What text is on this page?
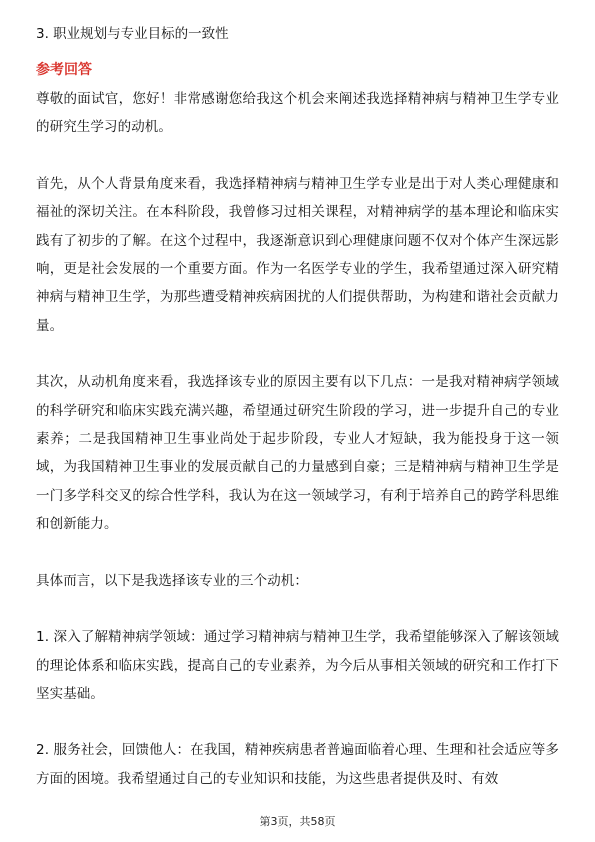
3. 职业规划与专业目标的一致性
参考回答

尊敬的面试官，您好！非常感谢您给我这个机会来阐述我选择精神病与精神卫生学专业的研究生学习的动机。

首先，从个人背景角度来看，我选择精神病与精神卫生学专业是出于对人类心理健康和福祉的深切关注。在本科阶段，我曾修习过相关课程，对精神病学的基本理论和临床实践有了初步的了解。在这个过程中，我逐渐意识到心理健康问题不仅对个体产生深远影响，更是社会发展的一个重要方面。作为一名医学专业的学生，我希望通过深入研究精神病与精神卫生学，为那些遭受精神疾病困扰的人们提供帮助，为构建和谐社会贡献力量。

其次，从动机角度来看，我选择该专业的原因主要有以下几点：一是我对精神病学领域的科学研究和临床实践充满兴趣，希望通过研究生阶段的学习，进一步提升自己的专业素养；二是我国精神卫生事业尚处于起步阶段，专业人才短缺，我为能投身于这一领域，为我国精神卫生事业的发展贡献自己的力量感到自豪；三是精神病与精神卫生学是一门多学科交叉的综合性学科，我认为在这一领域学习，有利于培养自己的跨学科思维和创新能力。

具体而言，以下是我选择该专业的三个动机：

1. 深入了解精神病学领域：通过学习精神病与精神卫生学，我希望能够深入了解该领域的理论体系和临床实践，提高自己的专业素养，为今后从事相关领域的研究和工作打下坚实基础。

2. 服务社会，回馈他人：在我国，精神疾病患者普遍面临着心理、生理和社会适应等多方面的困境。我希望通过自己的专业知识和技能，为这些患者提供及时、有效

第3页，共58页
